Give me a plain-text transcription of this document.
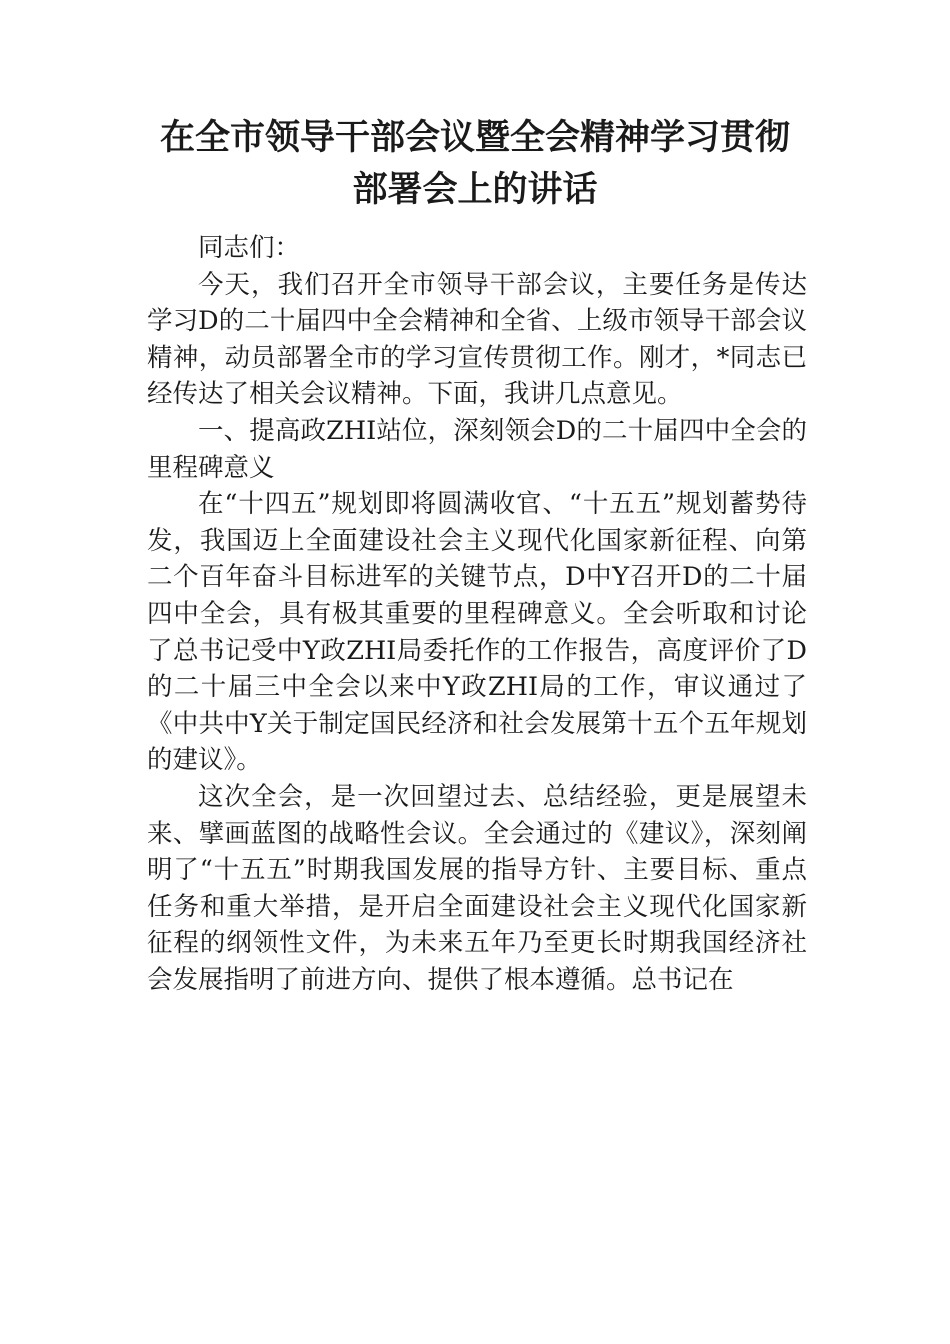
在全市领导干部会议暨全会精神学习贯彻
部署会上的讲话

同志们：

今天，我们召开全市领导干部会议，主要任务是传达学习D的二十届四中全会精神和全省、上级市领导干部会议精神，动员部署全市的学习宣传贯彻工作。刚才，*同志已经传达了相关会议精神。下面，我讲几点意见。

一、提高政ZHI站位，深刻领会D的二十届四中全会的里程碑意义

在“十四五”规划即将圆满收官、“十五五”规划蓄势待发，我国迈上全面建设社会主义现代化国家新征程、向第二个百年奋斗目标进军的关键节点，D中Y召开D的二十届四中全会，具有极其重要的里程碑意义。全会听取和讨论了总书记受中Y政ZHI局委托作的工作报告，高度评价了D的二十届三中全会以来中Y政ZHI局的工作，审议通过了《中共中Y关于制定国民经济和社会发展第十五个五年规划的建议》。

这次全会，是一次回望过去、总结经验，更是展望未来、擘画蓝图的战略性会议。全会通过的《建议》，深刻阐明了“十五五”时期我国发展的指导方针、主要目标、重点任务和重大举措，是开启全面建设社会主义现代化国家新征程的纲领性文件，为未来五年乃至更长时期我国经济社会发展指明了前进方向、提供了根本遵循。总书记在
